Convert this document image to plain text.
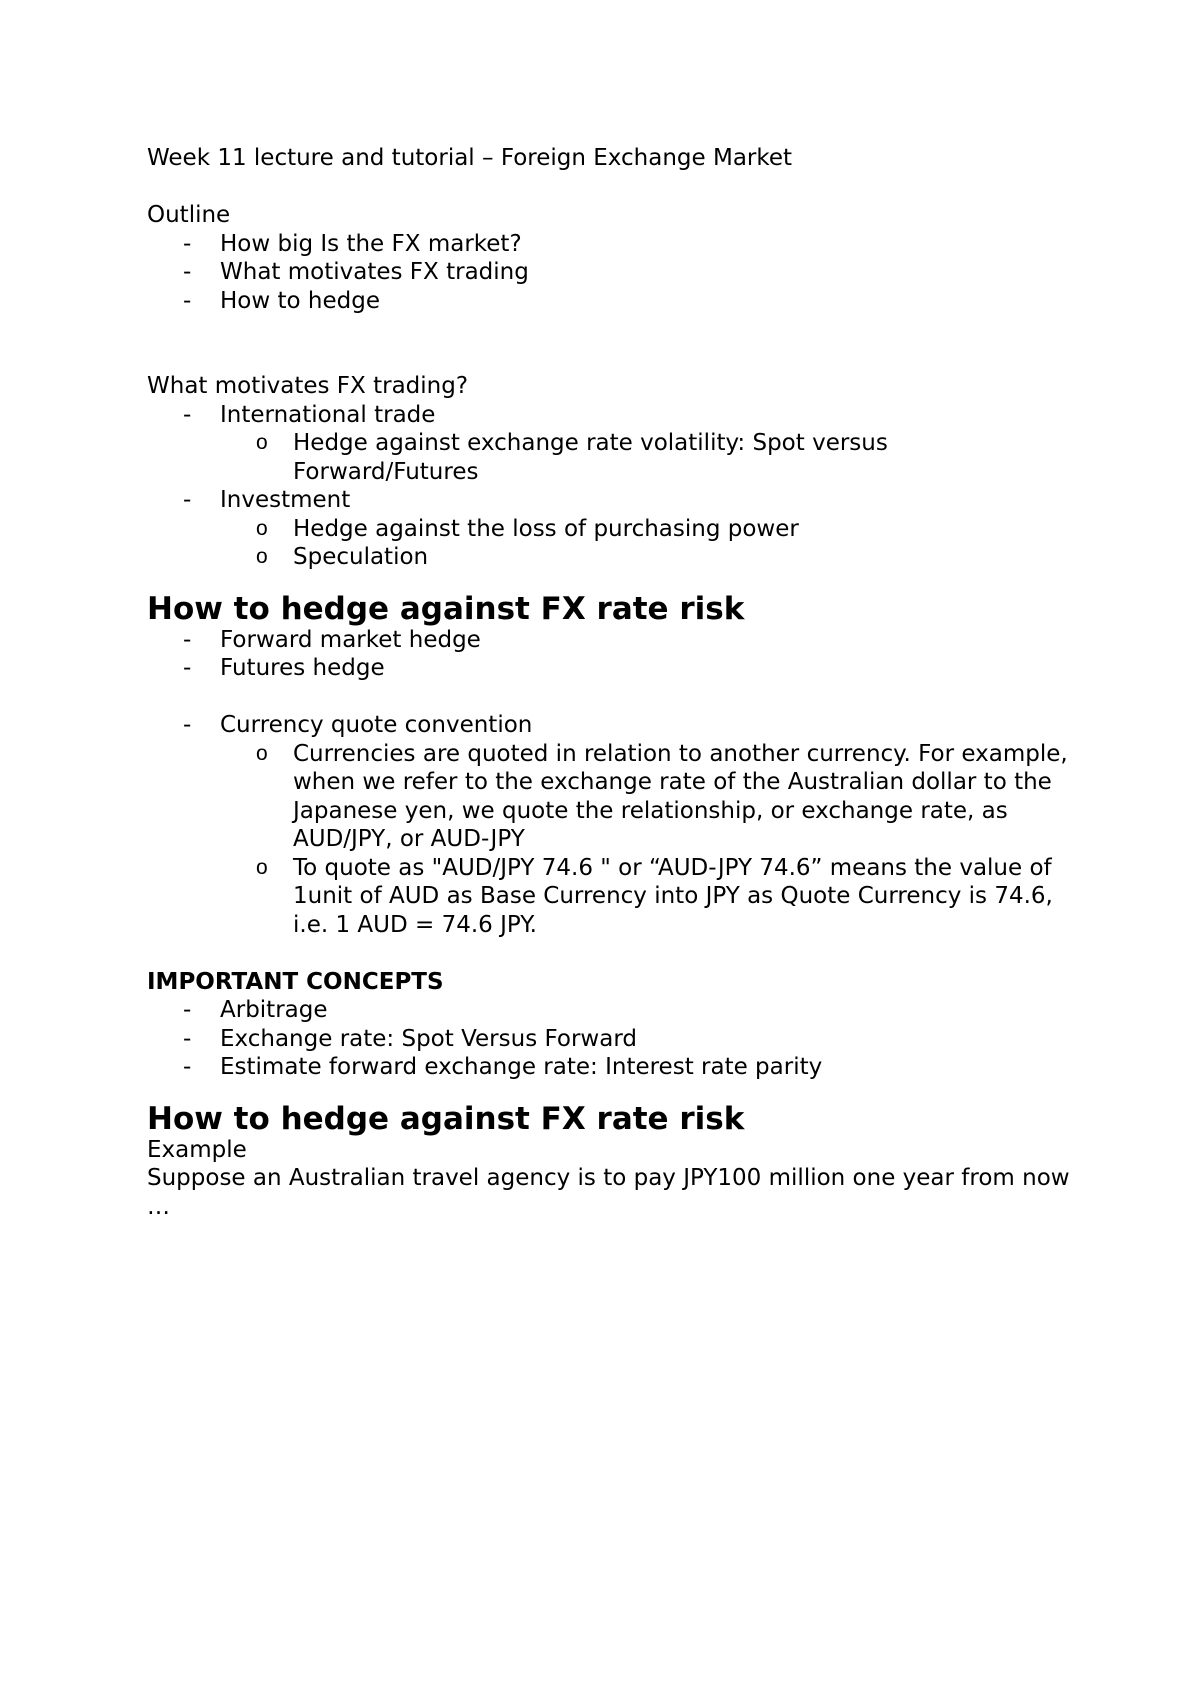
Week 11 lecture and tutorial – Foreign Exchange Market

Outline

- How big Is the FX market?
- What motivates FX trading
- How to hedge

What motivates FX trading?

- International trade
o Hedge against exchange rate volatility: Spot versus Forward/Futures
- Investment
o Hedge against the loss of purchasing power
o Speculation

How to hedge against FX rate risk

- Forward market hedge
- Futures hedge
- Currency quote convention
o Currencies are quoted in relation to another currency. For example, when we refer to the exchange rate of the Australian dollar to the Japanese yen, we quote the relationship, or exchange rate, as AUD/JPY, or AUD-JPY
o To quote as "AUD/JPY 74.6 " or “AUD-JPY 74.6” means the value of 1unit of AUD as Base Currency into JPY as Quote Currency is 74.6, i.e. 1 AUD = 74.6 JPY.

IMPORTANT CONCEPTS

- Arbitrage
- Exchange rate: Spot Versus Forward
- Estimate forward exchange rate: Interest rate parity

How to hedge against FX rate risk

Example

Suppose an Australian travel agency is to pay JPY100 million one year from now …
